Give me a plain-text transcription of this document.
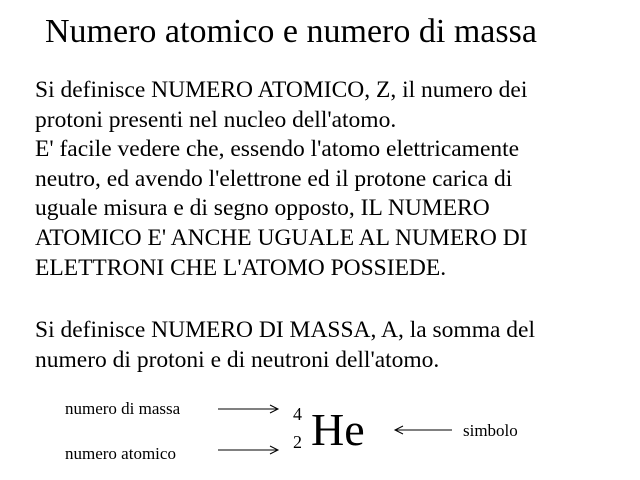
Numero atomico e numero di massa

Si definisce NUMERO ATOMICO, Z, il numero dei
protoni presenti nel nucleo dell'atomo.
E' facile vedere che, essendo l'atomo elettricamente
neutro, ed avendo l'elettrone ed il protone carica di
uguale misura e di segno opposto, IL NUMERO
ATOMICO E' ANCHE UGUALE AL NUMERO DI
ELETTRONI CHE L'ATOMO POSSIEDE.

Si definisce NUMERO DI MASSA, A, la somma del
numero di protoni e di neutroni dell'atomo.

numero di massa
numero atomico
simbolo
4
2 He
